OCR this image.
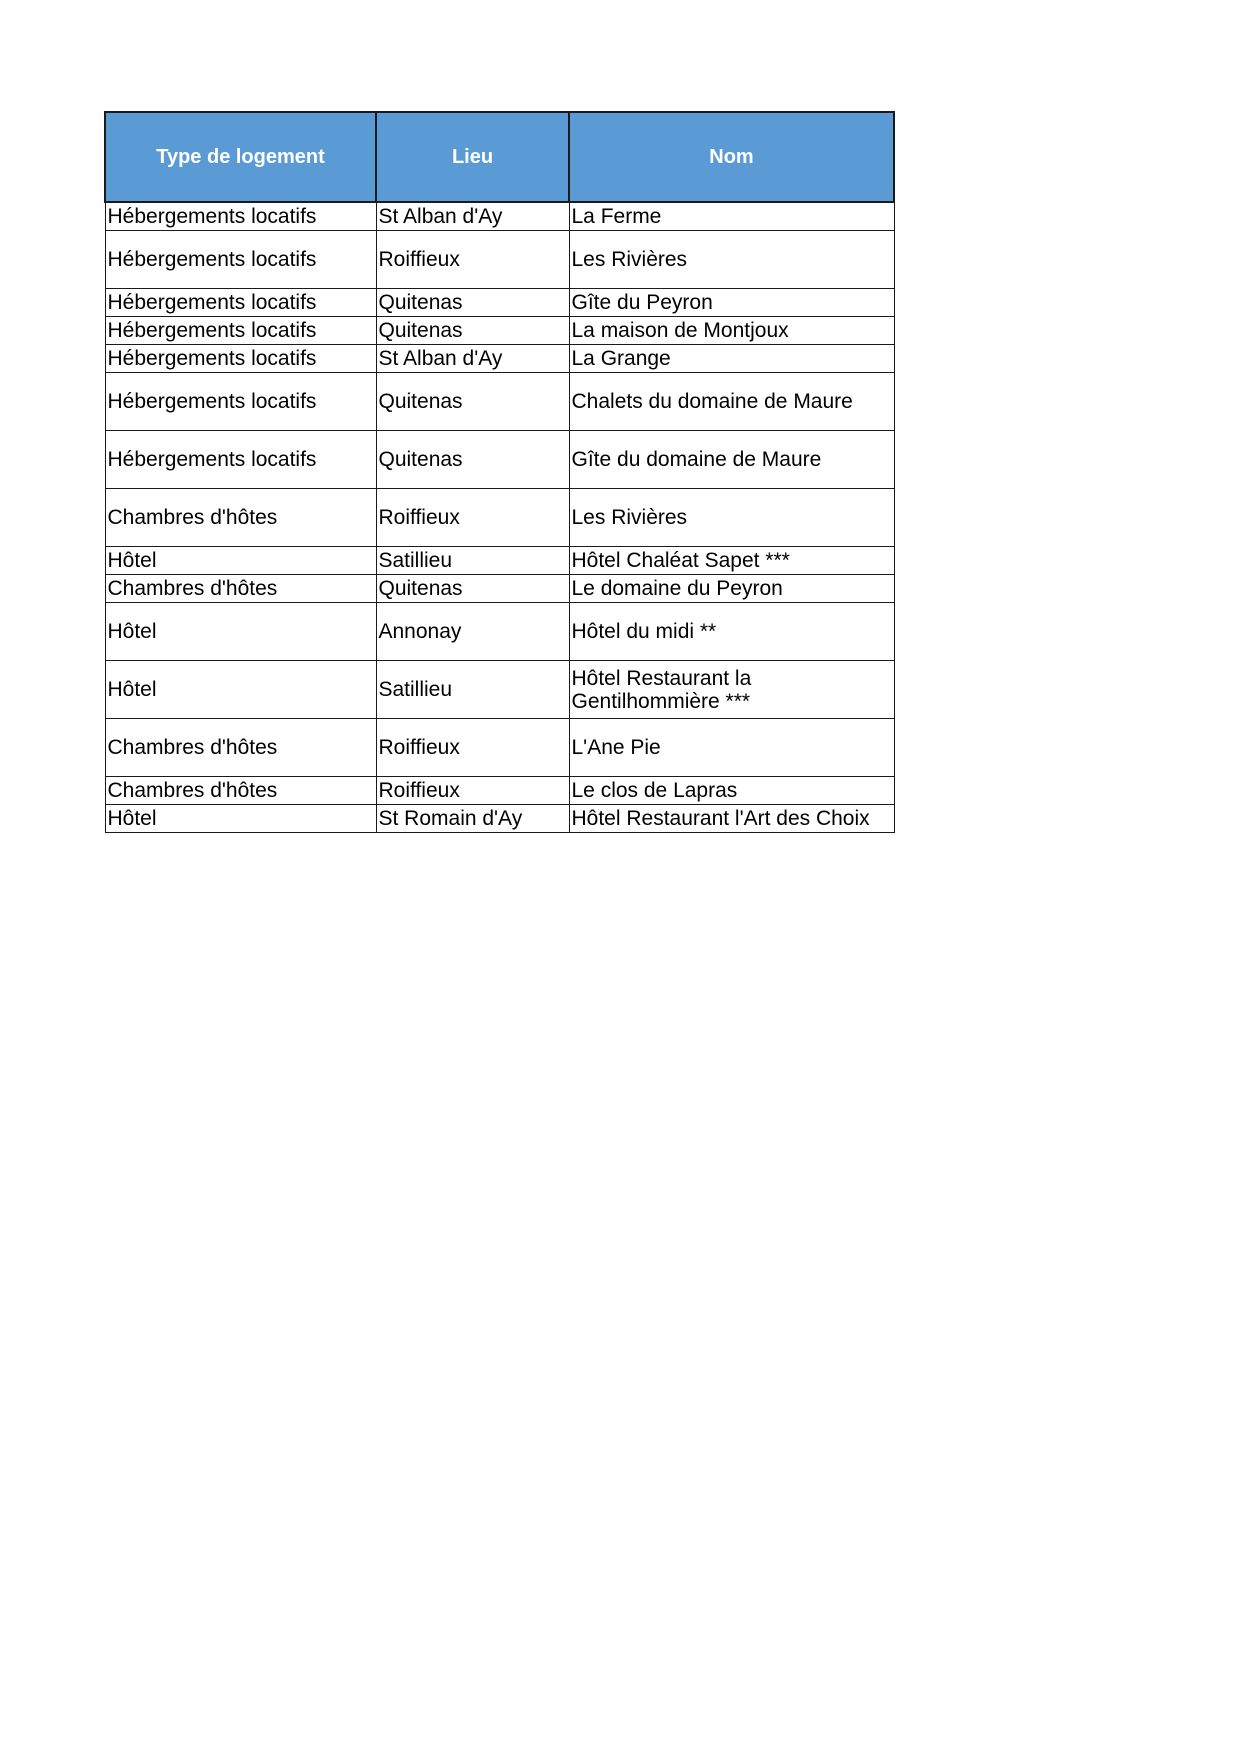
Type de logement	Lieu	Nom
Hébergements locatifs	St Alban d'Ay	La Ferme
Hébergements locatifs	Roiffieux	Les Rivières
Hébergements locatifs	Quitenas	Gîte du Peyron
Hébergements locatifs	Quitenas	La maison de Montjoux
Hébergements locatifs	St Alban d'Ay	La Grange
Hébergements locatifs	Quitenas	Chalets du domaine de Maure
Hébergements locatifs	Quitenas	Gîte du domaine de Maure
Chambres d'hôtes	Roiffieux	Les Rivières
Hôtel	Satillieu	Hôtel Chaléat Sapet ***
Chambres d'hôtes	Quitenas	Le domaine du Peyron
Hôtel	Annonay	Hôtel du midi **
Hôtel	Satillieu	Hôtel Restaurant la Gentilhommière ***
Chambres d'hôtes	Roiffieux	L'Ane Pie
Chambres d'hôtes	Roiffieux	Le clos de Lapras
Hôtel	St Romain d'Ay	Hôtel Restaurant l'Art des Choix
